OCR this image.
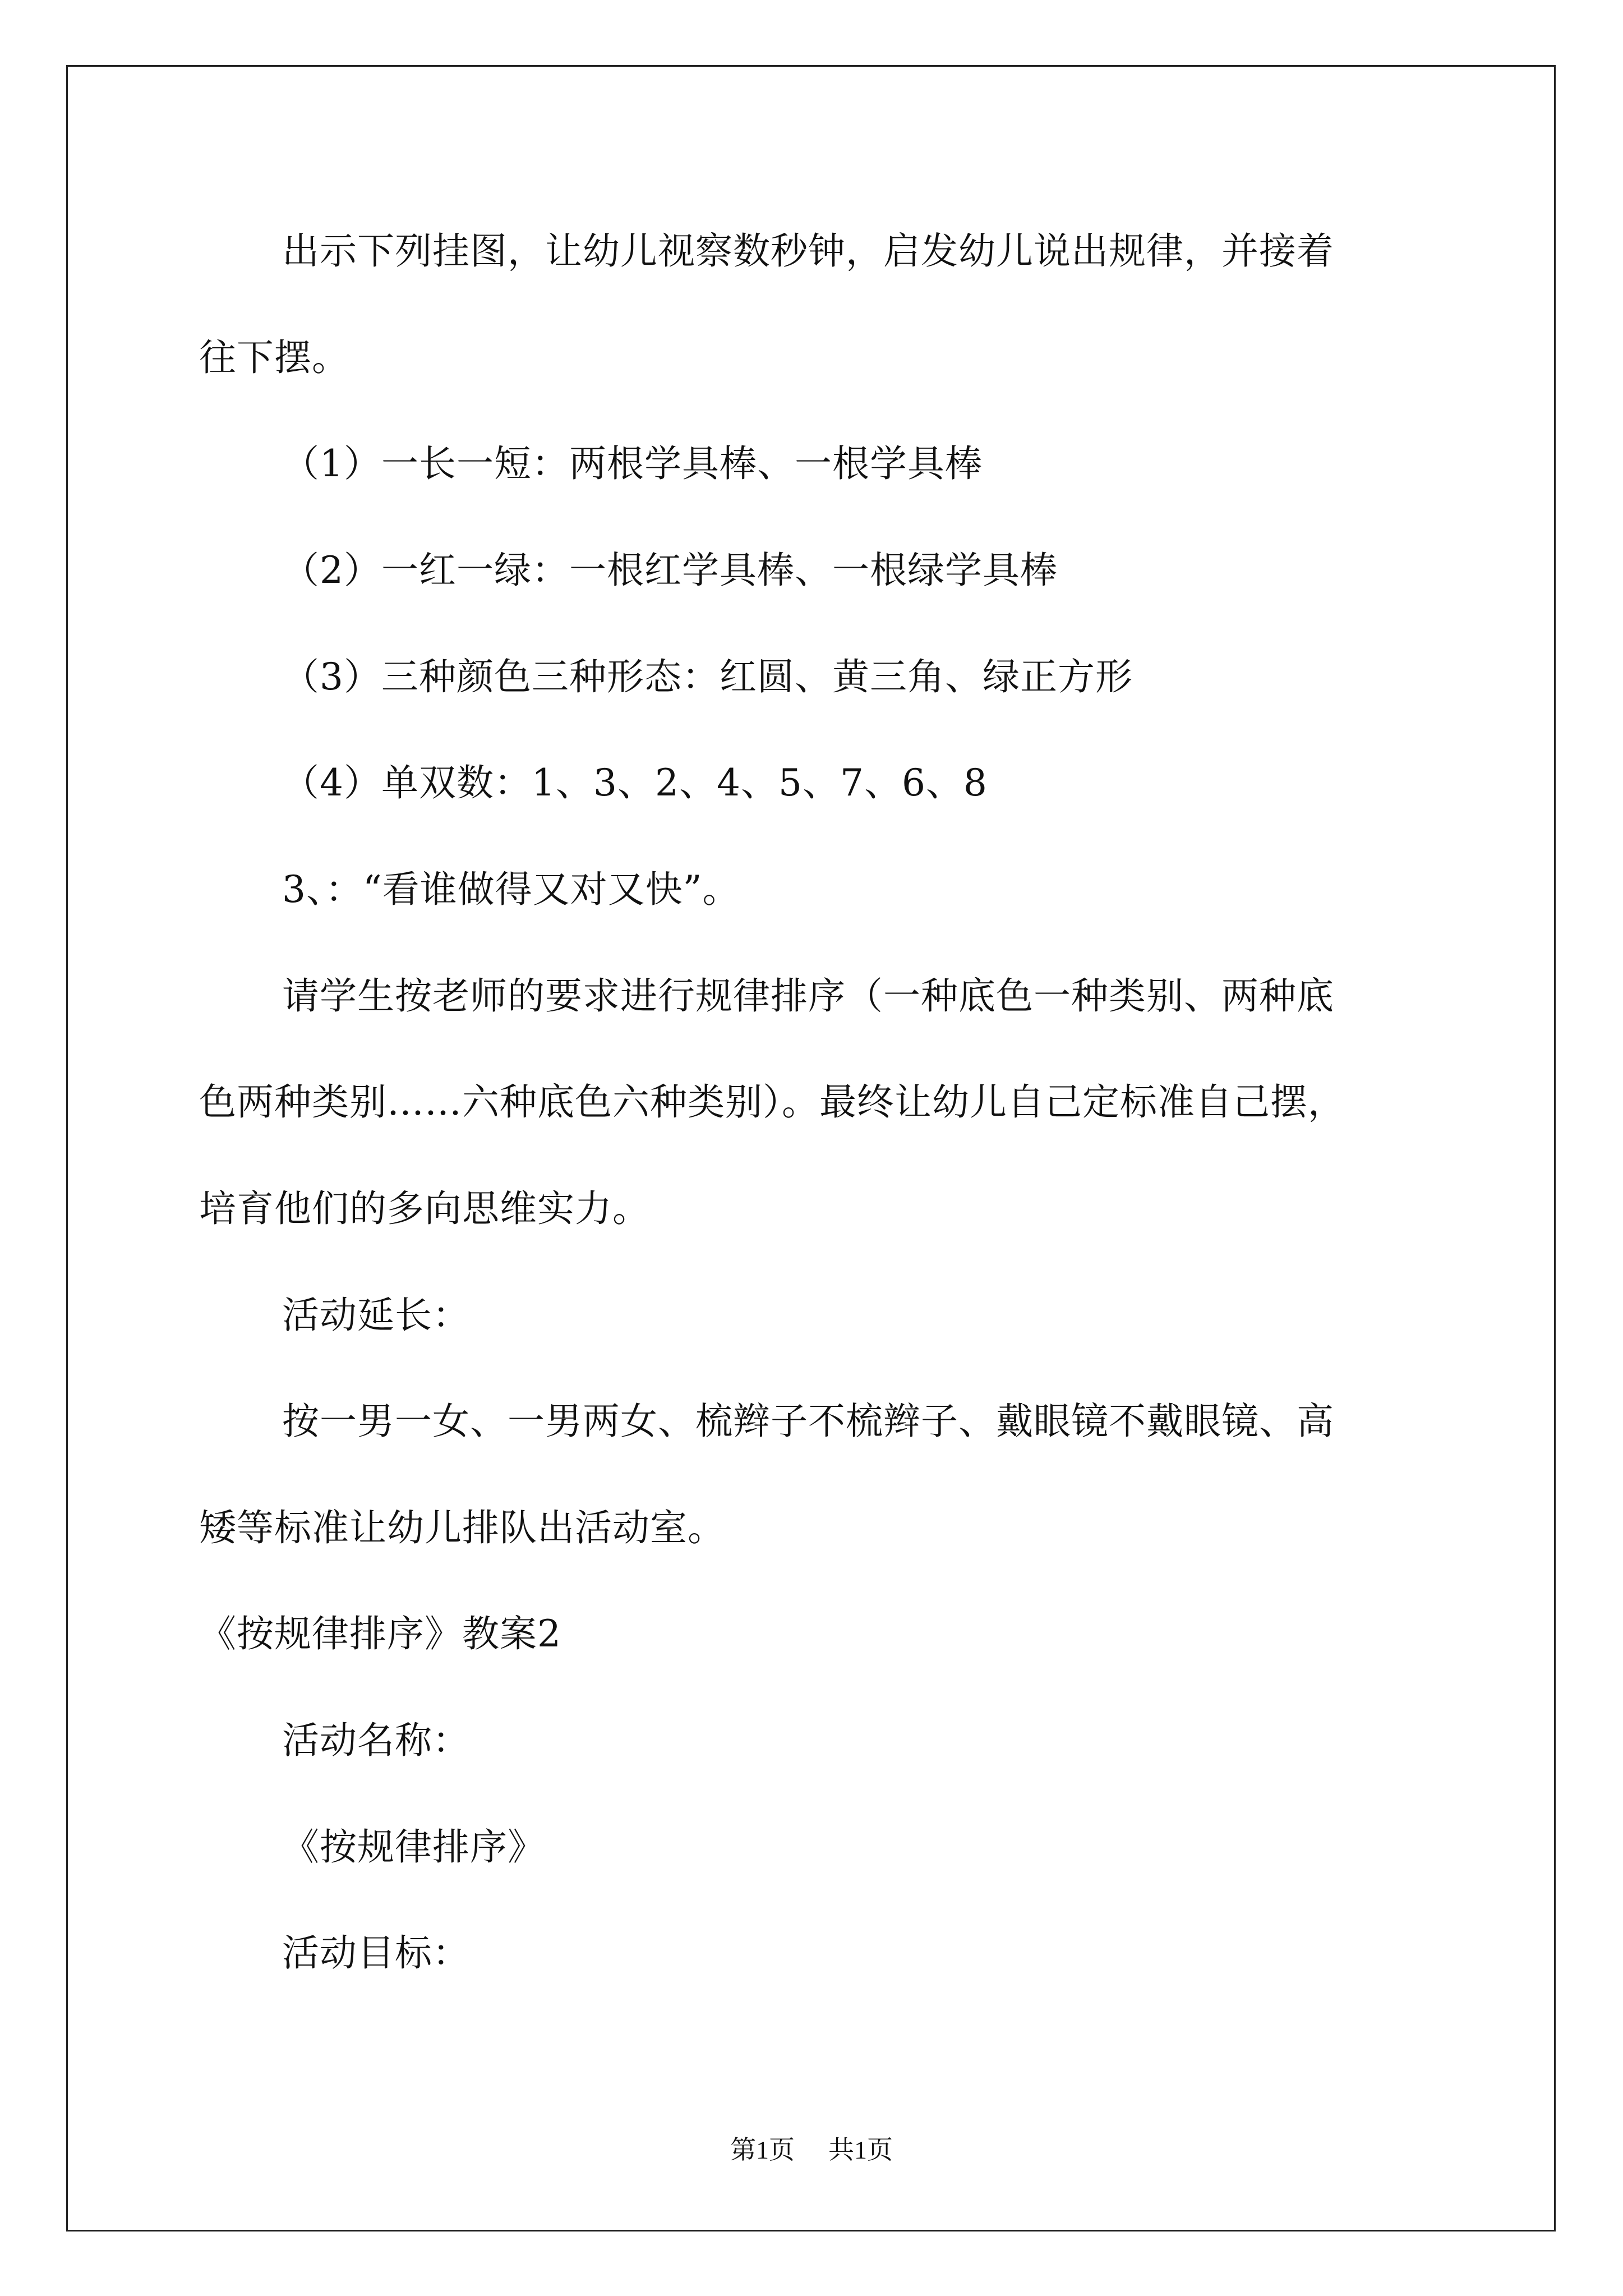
出示下列挂图，让幼儿视察数秒钟，启发幼儿说出规律，并接着
往下摆。
（1）一长一短：两根学具棒、一根学具棒
（2）一红一绿：一根红学具棒、一根绿学具棒
（3）三种颜色三种形态：红圆、黄三角、绿正方形
（4）单双数：1、3、2、4、5、7、6、8
3、：“看谁做得又对又快”。
请学生按老师的要求进行规律排序（一种底色一种类别、两种底
色两种类别……六种底色六种类别）。最终让幼儿自己定标准自己摆，
培育他们的多向思维实力。
活动延长：
按一男一女、一男两女、梳辫子不梳辫子、戴眼镜不戴眼镜、高
矮等标准让幼儿排队出活动室。
《按规律排序》教案2
活动名称：
《按规律排序》
活动目标：
第1页 共1页
